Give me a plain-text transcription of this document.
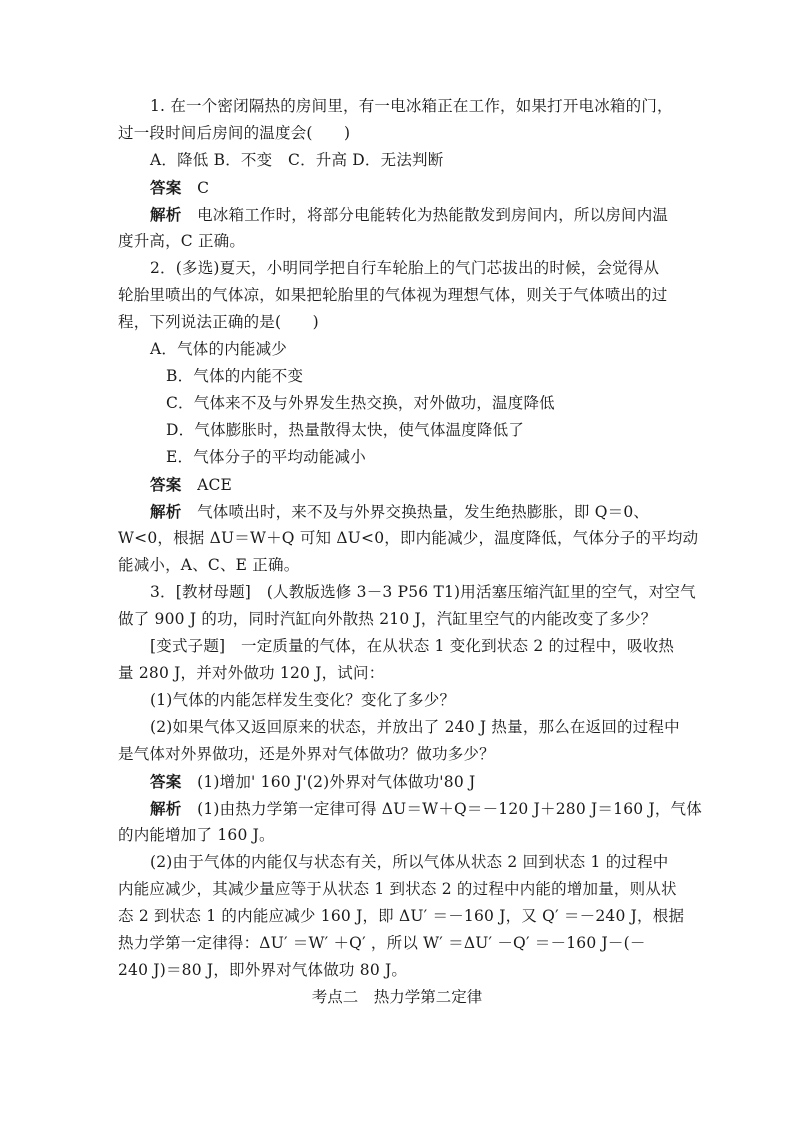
1. 在一个密闭隔热的房间里，有一电冰箱正在工作，如果打开电冰箱的门，

过一段时间后房间的温度会(　　)

A．降低 B．不变　C．升高 D．无法判断

答案　C

解析　电冰箱工作时，将部分电能转化为热能散发到房间内，所以房间内温

度升高，C 正确。

2．(多选)夏天，小明同学把自行车轮胎上的气门芯拔出的时候，会觉得从

轮胎里喷出的气体凉，如果把轮胎里的气体视为理想气体，则关于气体喷出的过

程，下列说法正确的是(　　)

A．气体的内能减少

B．气体的内能不变

C．气体来不及与外界发生热交换，对外做功，温度降低

D．气体膨胀时，热量散得太快，使气体温度降低了

E．气体分子的平均动能减小

答案　ACE

解析　气体喷出时，来不及与外界交换热量，发生绝热膨胀，即 Q＝0、

W<0，根据 ΔU＝W＋Q 可知 ΔU<0，即内能减少，温度降低，气体分子的平均动

能减小，A、C、E 正确。

3．[教材母题]　(人教版选修 3－3 P56 T1)用活塞压缩汽缸里的空气，对空气

做了 900 J 的功，同时汽缸向外散热 210 J，汽缸里空气的内能改变了多少？

[变式子题]　一定质量的气体，在从状态 1 变化到状态 2 的过程中，吸收热

量 280 J，并对外做功 120 J，试问：

(1)气体的内能怎样发生变化？变化了多少？

(2)如果气体又返回原来的状态，并放出了 240 J 热量，那么在返回的过程中

是气体对外界做功，还是外界对气体做功？做功多少？

答案　(1)增加' 160 J'(2)外界对气体做功'80 J

解析　(1)由热力学第一定律可得 ΔU＝W＋Q＝－120 J＋280 J＝160 J，气体

的内能增加了 160 J。

(2)由于气体的内能仅与状态有关，所以气体从状态 2 回到状态 1 的过程中

内能应减少，其减少量应等于从状态 1 到状态 2 的过程中内能的增加量，则从状

态 2 到状态 1 的内能应减少 160 J，即 ΔU′ ＝－160 J，又 Q′ ＝－240 J，根据

热力学第一定律得：ΔU′ ＝W′ ＋Q′ ，所以 W′ ＝ΔU′ －Q′ ＝－160 J－(－

240 J)＝80 J，即外界对气体做功 80 J。

考点二　热力学第二定律
